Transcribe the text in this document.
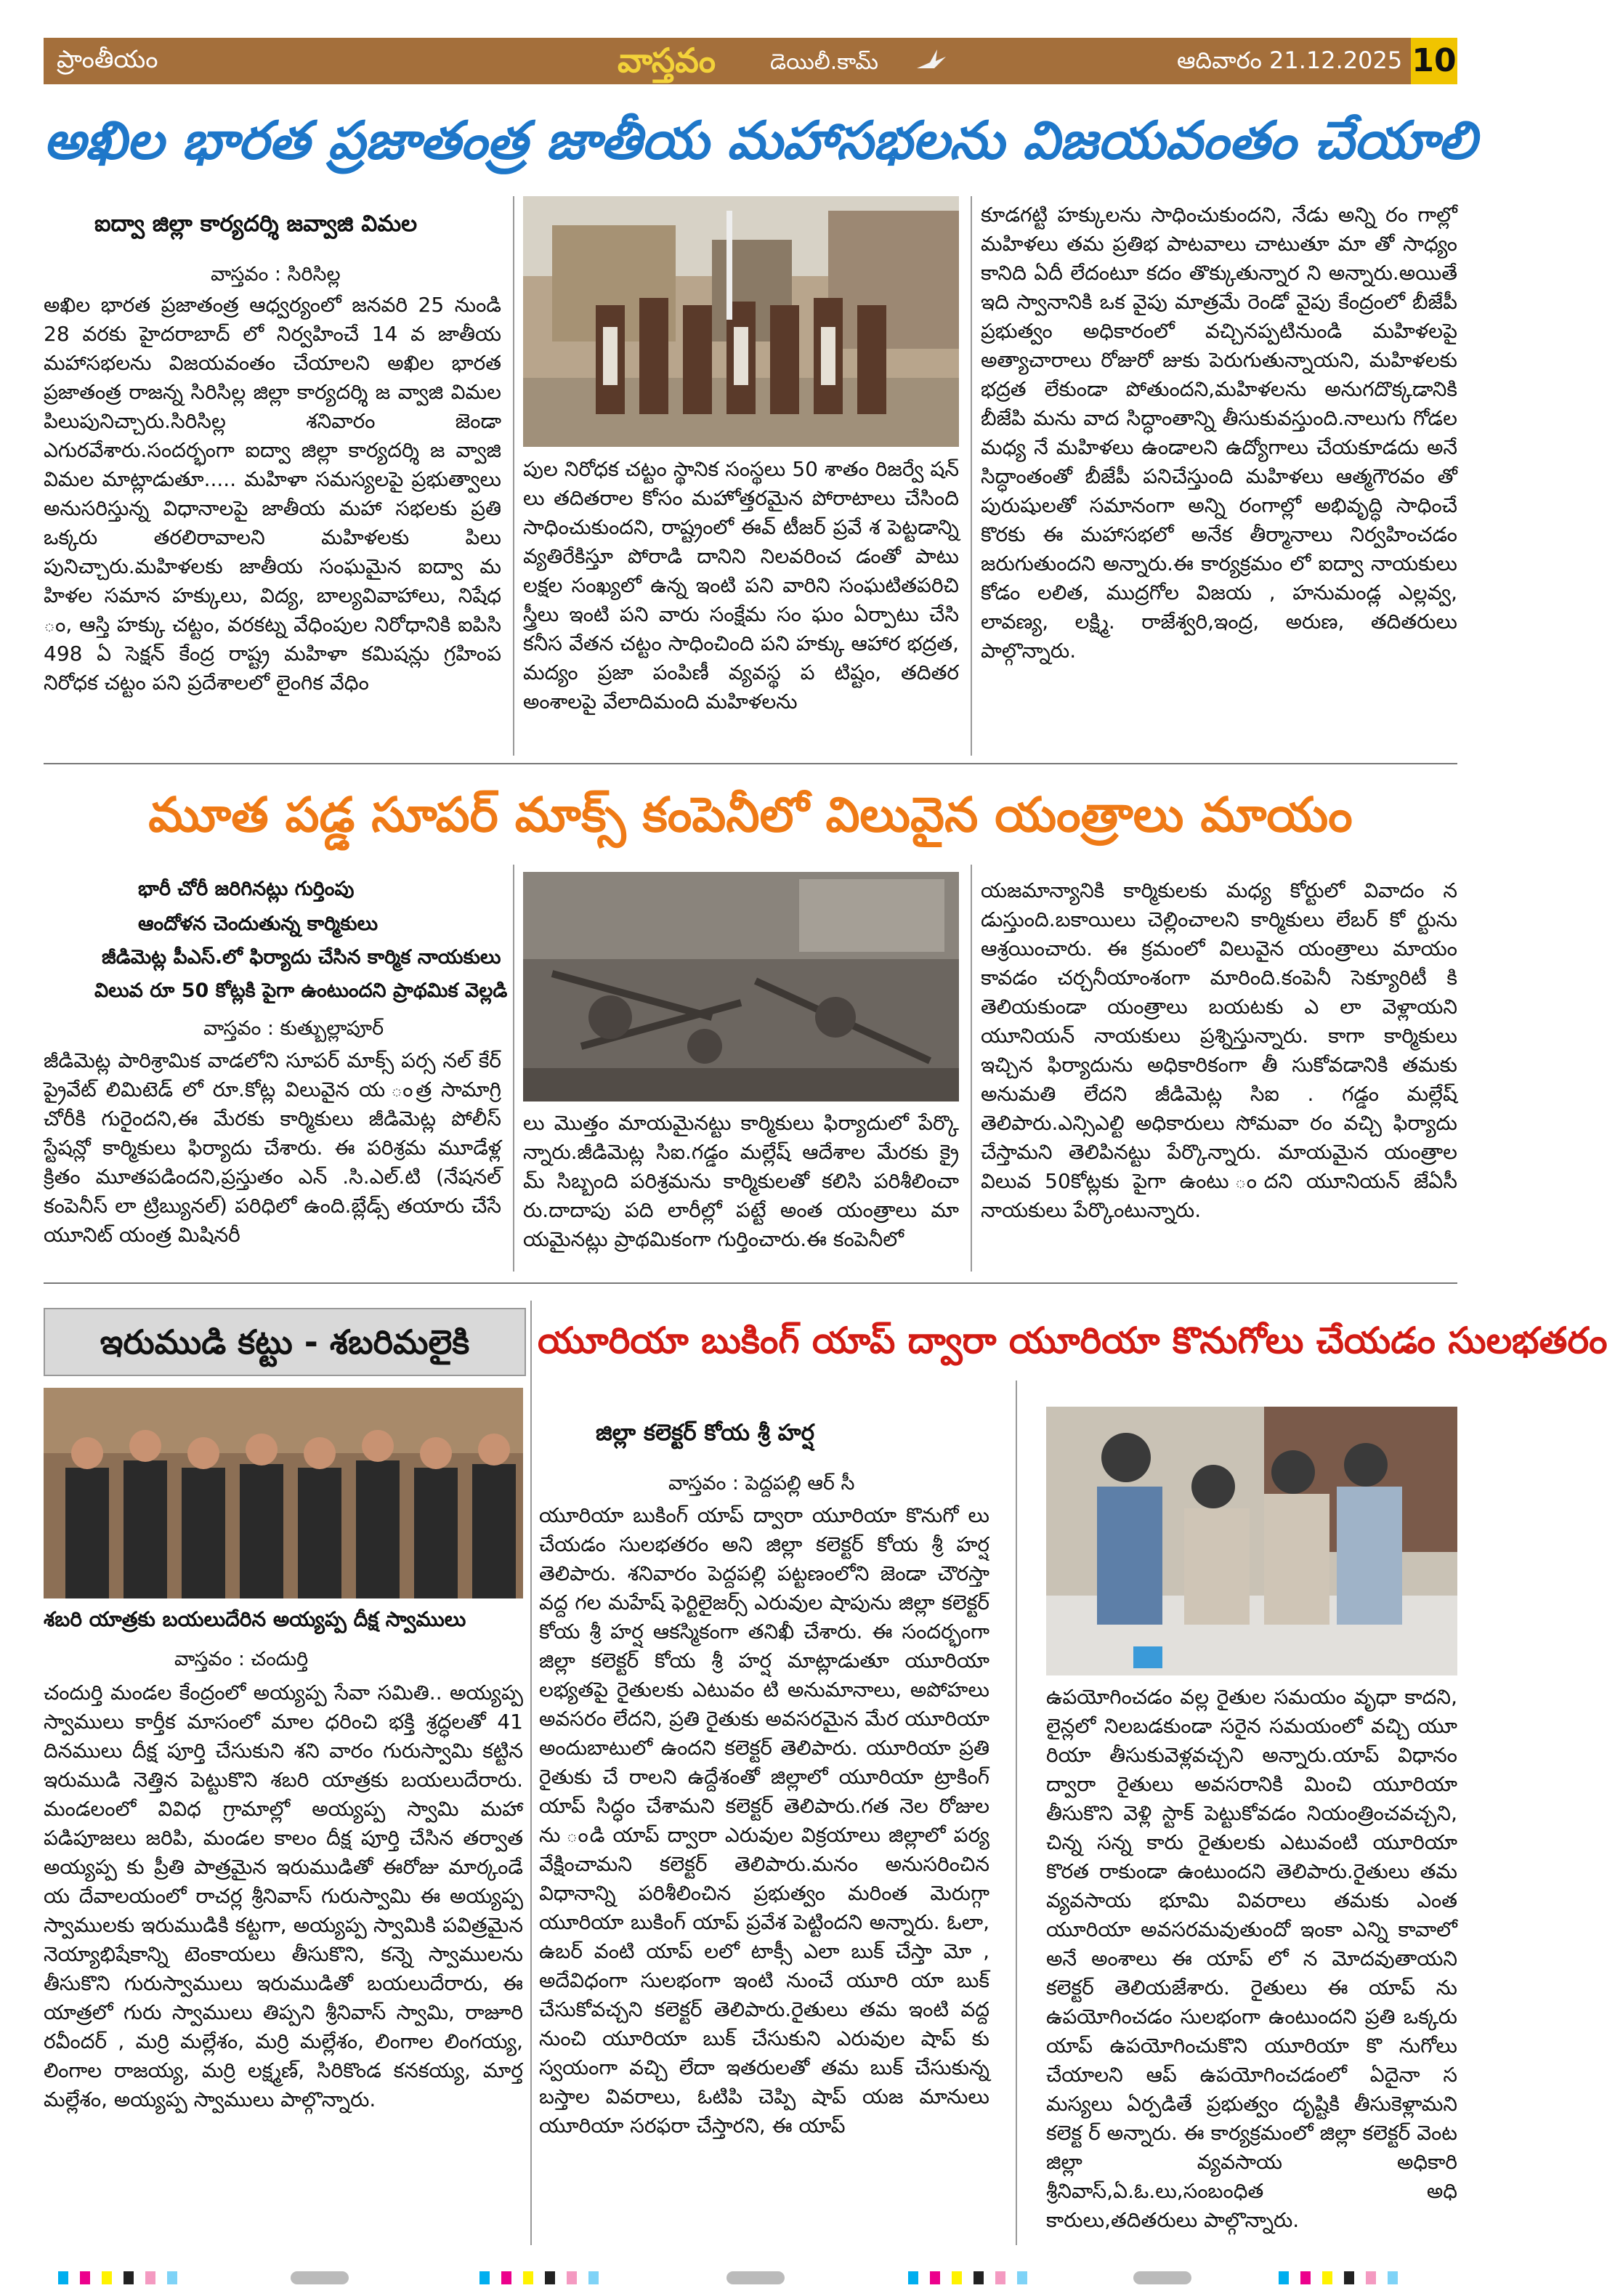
ప్రాంతీయం	వాస్తవం డెయిలీ.కామ్	ఆదివారం 21.12.2025 10
అఖిల భారత ప్రజాతంత్ర జాతీయ మహాసభలను విజయవంతం చేయాలి
ఐద్వా జిల్లా కార్యదర్శి జవ్వాజి విమల
వాస్తవం : సిరిసిల్ల
అఖిల భారత ప్రజాతంత్ర ఆధ్వర్యంలో జనవరి 25 నుండి 28 వరకు హైదరాబాద్ లో నిర్వహించే 14 వ జాతీయ మహాసభలను విజయవంతం చేయాలని అఖిల భారత ప్రజాతంత్ర రాజన్న సిరిసిల్ల జిల్లా కార్యదర్శి జ వ్వాజి విమల పిలుపునిచ్చారు.సిరిసిల్ల శనివారం జెండా ఎగురవేశారు.సందర్భంగా ఐద్వా జిల్లా కార్యదర్శి జ వ్వాజి విమల మాట్లాడుతూ..... మహిళా సమస్యలపై ప్రభుత్వాలు అనుసరిస్తున్న విధానాలపై జాతీయ మహా సభలకు ప్రతి ఒక్కరు తరలిరావాలని మహిళలకు పిలు పునిచ్చారు.మహిళలకు జాతీయ సంఘమైన ఐద్వా మ హిళల సమాన హక్కులు, విద్య, బాల్యవివాహాలు, నిషేధ ం, ఆస్తి హక్కు చట్టం, వరకట్న వేధింపుల నిరోధానికి ఐపిసి 498 ఏ సెక్షన్ కేంద్ర రాష్ట్ర మహిళా కమిషన్లు గ్రహింప నిరోధక చట్టం పని ప్రదేశాలలో లైంగిక వేధిం
పుల నిరోధక చట్టం స్థానిక సంస్థలు 50 శాతం రిజర్వే షన్ లు తదితరాల కోసం మహోత్తరమైన పోరాటాలు చేసింది సాధించుకుందని, రాష్ట్రంలో ఈవ్ టీజర్ ప్రవే శ పెట్టడాన్ని వ్యతిరేకిస్తూ పోరాడి దానిని నిలవరించ డంతో పాటు లక్షల సంఖ్యలో ఉన్న ఇంటి పని వారిని సంఘటితపరిచి స్త్రీలు ఇంటి పని వారు సంక్షేమ సం ఘం ఏర్పాటు చేసి కనీస వేతన చట్టం సాధించింది పని హక్కు ఆహార భద్రత, మద్యం ప్రజా పంపిణీ వ్యవస్థ ప టిష్టం, తదితర అంశాలపై వేలాదిమంది మహిళలను
కూడగట్టి హక్కులను సాధించుకుందని, నేడు అన్ని రం గాల్లో మహిళలు తమ ప్రతిభ పాటవాలు చాటుతూ మా తో సాధ్యం కానిది ఏదీ లేదంటూ కదం తొక్కుతున్నార ని అన్నారు.అయితే ఇది స్వానానికి ఒక వైపు మాత్రమే రెండో వైపు కేంద్రంలో బీజేపీ ప్రభుత్వం అధికారంలో వచ్చినప్పటినుండి మహిళలపై అత్యాచారాలు రోజురో జుకు పెరుగుతున్నాయని, మహిళలకు భద్రత లేకుండా పోతుందని,మహిళలను అనుగదొక్కడానికి బీజేపి మను వాద సిద్ధాంతాన్ని తీసుకువస్తుంది.నాలుగు గోడల మధ్య నే మహిళలు ఉండాలని ఉద్యోగాలు చేయకూడదు అనే సిద్ధాంతంతో బీజేపీ పనిచేస్తుంది మహిళలు ఆత్మగౌరవం తో పురుషులతో సమానంగా అన్ని రంగాల్లో అభివృద్ధి సాధించే కొరకు ఈ మహాసభలో అనేక తీర్మానాలు నిర్వహించడం జరుగుతుందని అన్నారు.ఈ కార్యక్రమం లో ఐద్వా నాయకులు కోడం లలిత, ముద్రగోల విజయ , హనుమండ్ల ఎల్లవ్వ, లావణ్య, లక్ష్మి. రాజేశ్వరి,ఇంద్ర, అరుణ, తదితరులు పాల్గొన్నారు.
మూత పడ్డ సూపర్ మాక్స్ కంపెనీలో విలువైన యంత్రాలు మాయం
భారీ చోరీ జరిగినట్లు గుర్తింపు
ఆందోళన చెందుతున్న కార్మికులు
జీడిమెట్ల పీఎస్.లో ఫిర్యాదు చేసిన కార్మిక నాయకులు
విలువ రూ 50 కోట్లకి పైగా ఉంటుందని ప్రాథమిక వెల్లడి
వాస్తవం : కుత్బుల్లాపూర్
జీడిమెట్ల పారిశ్రామిక వాడలోని సూపర్ మాక్స్ పర్స నల్ కేర్ ప్రైవేట్ లిమిటెడ్ లో రూ.కోట్ల విలువైన య ంత్ర సామాగ్రి చోరీకి గురైందని,ఈ మేరకు కార్మికులు జీడిమెట్ల పోలీస్ స్టేషన్లో కార్మికులు ఫిర్యాదు చేశారు. ఈ పరిశ్రమ మూడేళ్ల క్రితం మూతపడిందని,ప్రస్తుతం ఎన్ .సి.ఎల్.టి (నేషనల్ కంపెనీస్ లా ట్రిబ్యునల్) పరిధిలో ఉంది.బ్లేడ్స్ తయారు చేసే యూనిట్ యంత్ర మిషినరీ
లు మొత్తం మాయమైనట్టు కార్మికులు ఫిర్యాదులో పేర్కొ న్నారు.జీడిమెట్ల సిఐ.గడ్డం మల్లేష్ ఆదేశాల మేరకు క్రై మ్ సిబ్బంది పరిశ్రమను కార్మికులతో కలిసి పరిశీలించా రు.దాదాపు పది లారీల్లో పట్టే అంత యంత్రాలు మా యమైనట్లు ప్రాథమికంగా గుర్తించారు.ఈ కంపెనీలో
యజమాన్యానికి కార్మికులకు మధ్య కోర్టులో వివాదం న డుస్తుంది.బకాయిలు చెల్లించాలని కార్మికులు లేబర్ కో ర్టును ఆశ్రయించారు. ఈ క్రమంలో విలువైన యంత్రాలు మాయం కావడం చర్చనీయాంశంగా మారింది.కంపెనీ సెక్యూరిటీ కి తెలియకుండా యంత్రాలు బయటకు ఎ లా వెళ్లాయని యూనియన్ నాయకులు ప్రశ్నిస్తున్నారు. కాగా కార్మికులు ఇచ్చిన ఫిర్యాదును అధికారికంగా తీ సుకోవడానికి తమకు అనుమతి లేదని జీడిమెట్ల సిఐ . గడ్డం మల్లేష్ తెలిపారు.ఎన్సిఎల్టి అధికారులు సోమవా రం వచ్చి ఫిర్యాదు చేస్తామని తెలిపినట్టు పేర్కొన్నారు. మాయమైన యంత్రాల విలువ 50కోట్లకు పైగా ఉంటు ందని యూనియన్ జేఏసీ నాయకులు పేర్కొంటున్నారు.
ఇరుముడి కట్టు - శబరిమలైకి
శబరి యాత్రకు బయలుదేరిన అయ్యప్ప దీక్ష స్వాములు
వాస్తవం : చందుర్తి
చందుర్తి మండల కేంద్రంలో అయ్యప్ప సేవా సమితి.. అయ్యప్ప స్వాములు కార్తీక మాసంలో మాల ధరించి భక్తి శ్రద్ధలతో 41 దినములు దీక్ష పూర్తి చేసుకుని శని వారం గురుస్వామి కట్టిన ఇరుముడి నెత్తిన పెట్టుకొని శబరి యాత్రకు బయలుదేరారు. మండలంలో వివిధ గ్రామాల్లో అయ్యప్ప స్వామి మహా పడిపూజలు జరిపి, మండల కాలం దీక్ష పూర్తి చేసిన తర్వాత అయ్యప్ప కు ప్రీతి పాత్రమైన ఇరుముడితో ఈరోజు మార్కండే య దేవాలయంలో రాచర్ల శ్రీనివాస్ గురుస్వామి ఈ అయ్యప్ప స్వాములకు ఇరుముడికి కట్టగా, అయ్యప్ప స్వామికి పవిత్రమైన నెయ్యాభిషేకాన్ని టెంకాయలు తీసుకొని, కన్నె స్వాములను తీసుకొని గురుస్వాములు ఇరుముడితో బయలుదేరారు, ఈ యాత్రలో గురు స్వాములు తిప్పని శ్రీనివాస్ స్వామి, రాజూరి రవీందర్ , మర్రి మల్లేశం, మర్రి మల్లేశం, లింగాల లింగయ్య, లింగాల రాజయ్య, మర్రి లక్ష్మణ్, సిరికొండ కనకయ్య, మార్త మల్లేశం, అయ్యప్ప స్వాములు పాల్గొన్నారు.
యూరియా బుకింగ్ యాప్ ద్వారా యూరియా కొనుగోలు చేయడం సులభతరం
జిల్లా కలెక్టర్ కోయ శ్రీ హర్ష
వాస్తవం : పెద్దపల్లి ఆర్ సీ
యూరియా బుకింగ్ యాప్ ద్వారా యూరియా కొనుగో లు చేయడం సులభతరం అని జిల్లా కలెక్టర్ కోయ శ్రీ హర్ష తెలిపారు. శనివారం పెద్దపల్లి పట్టణంలోని జెండా చౌరస్తా వద్ద గల మహేష్ ఫెర్టిలైజర్స్ ఎరువుల షాపును జిల్లా కలెక్టర్ కోయ శ్రీ హర్ష ఆకస్మికంగా తనిఖీ చేశారు. ఈ సందర్భంగా జిల్లా కలెక్టర్ కోయ శ్రీ హర్ష మాట్లాడుతూ యూరియా లభ్యతపై రైతులకు ఎటువం టి అనుమానాలు, అపోహలు అవసరం లేదని, ప్రతి రైతుకు అవసరమైన మేర యూరియా అందుబాటులో ఉందని కలెక్టర్ తెలిపారు. యూరియా ప్రతి రైతుకు చే రాలని ఉద్దేశంతో జిల్లాలో యూరియా ట్రాకింగ్ యాప్ సిద్ధం చేశామని కలెక్టర్ తెలిపారు.గత నెల రోజుల ను ండి యాప్ ద్వారా ఎరువుల విక్రయాలు జిల్లాలో పర్య వేక్షించామని కలెక్టర్ తెలిపారు.మనం అనుసరించిన విధానాన్ని పరిశీలించిన ప్రభుత్వం మరింత మెరుగ్గా యూరియా బుకింగ్ యాప్ ప్రవేశ పెట్టిందని అన్నారు. ఓలా, ఉబర్ వంటి యాప్ లలో టాక్సీ ఎలా బుక్ చేస్తా మో , అదేవిధంగా సులభంగా ఇంటి నుంచే యూరి యా బుక్ చేసుకోవచ్చని కలెక్టర్ తెలిపారు.రైతులు తమ ఇంటి వద్ద నుంచి యూరియా బుక్ చేసుకుని ఎరువుల షాప్ కు స్వయంగా వచ్చి లేదా ఇతరులతో తమ బుక్ చేసుకున్న బస్తాల వివరాలు, ఓటిపి చెప్పి షాప్ యజ మానులు యూరియా సరఫరా చేస్తారని, ఈ యాప్
ఉపయోగించడం వల్ల రైతుల సమయం వృధా కాదని, లైన్లలో నిలబడకుండా సరైన సమయంలో వచ్చి యూ రియా తీసుకువెళ్లవచ్చని అన్నారు.యాప్ విధానం ద్వారా రైతులు అవసరానికి మించి యూరియా తీసుకొని వెళ్లి స్టాక్ పెట్టుకోవడం నియంత్రించవచ్చని, చిన్న సన్న కారు రైతులకు ఎటువంటి యూరియా కొరత రాకుండా ఉంటుందని తెలిపారు.రైతులు తమ వ్యవసాయ భూమి వివరాలు తమకు ఎంత యూరియా అవసరమవుతుందో ఇంకా ఎన్ని కావాలో అనే అంశాలు ఈ యాప్ లో న మోదవుతాయని కలెక్టర్ తెలియజేశారు. రైతులు ఈ యాప్ ను ఉపయోగించడం సులభంగా ఉంటుందని ప్రతి ఒక్కరు యాప్ ఉపయోగించుకొని యూరియా కొ నుగోలు చేయాలని ఆప్ ఉపయోగించడంలో ఏదైనా స మస్యలు ఏర్పడితే ప్రభుత్వం దృష్టికి తీసుకెళ్లామని కలెక్ట ర్ అన్నారు. ఈ కార్యక్రమంలో జిల్లా కలెక్టర్ వెంట జిల్లా వ్యవసాయ అధికారి శ్రీనివాస్,ఏ.ఓ.లు,సంబంధిత అధి కారులు,తదితరులు పాల్గొన్నారు.
